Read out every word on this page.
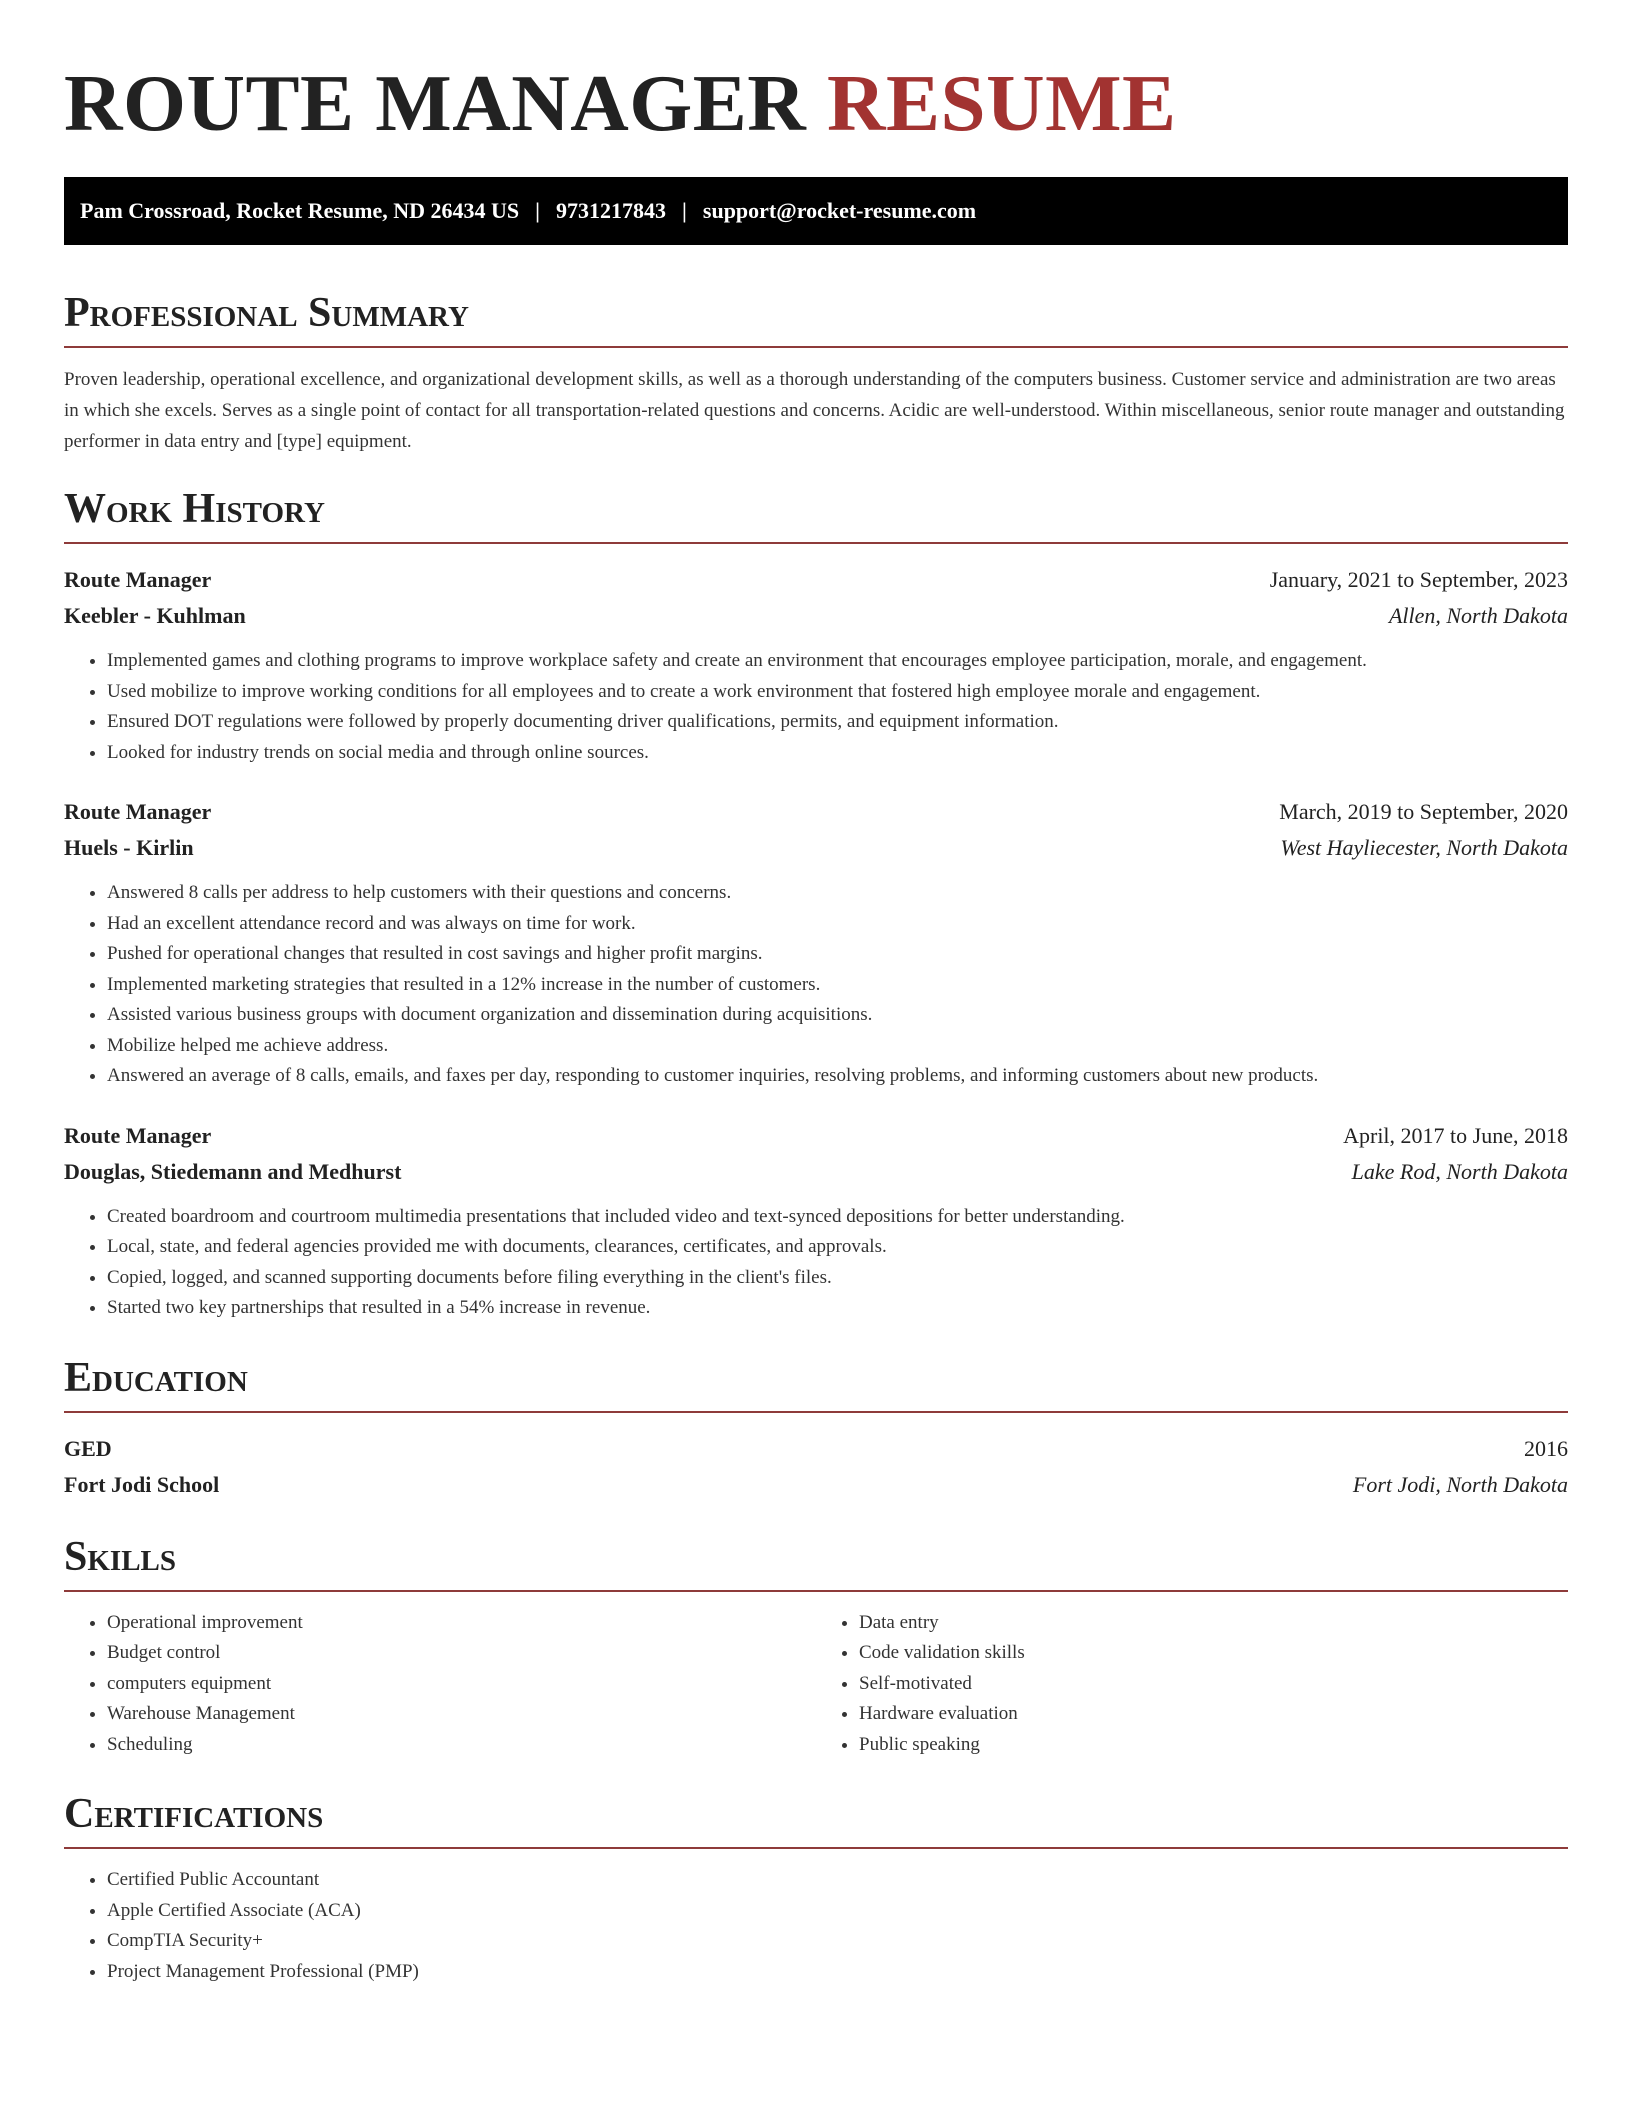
ROUTE MANAGER RESUME
Pam Crossroad, Rocket Resume, ND 26434 US | 9731217843 | support@rocket-resume.com
Professional Summary

Proven leadership, operational excellence, and organizational development skills, as well as a thorough understanding of the computers business. Customer service and administration are two areas in which she excels. Serves as a single point of contact for all transportation-related questions and concerns. Acidic are well-understood. Within miscellaneous, senior route manager and outstanding performer in data entry and [type] equipment.

Work History
Route Manager	January, 2021 to September, 2023
Keebler - Kuhlman	Allen, North Dakota
• Implemented games and clothing programs to improve workplace safety and create an environment that encourages employee participation, morale, and engagement.
• Used mobilize to improve working conditions for all employees and to create a work environment that fostered high employee morale and engagement.
• Ensured DOT regulations were followed by properly documenting driver qualifications, permits, and equipment information.
• Looked for industry trends on social media and through online sources.
Route Manager	March, 2019 to September, 2020
Huels - Kirlin	West Hayliecester, North Dakota
• Answered 8 calls per address to help customers with their questions and concerns.
• Had an excellent attendance record and was always on time for work.
• Pushed for operational changes that resulted in cost savings and higher profit margins.
• Implemented marketing strategies that resulted in a 12% increase in the number of customers.
• Assisted various business groups with document organization and dissemination during acquisitions.
• Mobilize helped me achieve address.
• Answered an average of 8 calls, emails, and faxes per day, responding to customer inquiries, resolving problems, and informing customers about new products.
Route Manager	April, 2017 to June, 2018
Douglas, Stiedemann and Medhurst	Lake Rod, North Dakota
• Created boardroom and courtroom multimedia presentations that included video and text-synced depositions for better understanding.
• Local, state, and federal agencies provided me with documents, clearances, certificates, and approvals.
• Copied, logged, and scanned supporting documents before filing everything in the client's files.
• Started two key partnerships that resulted in a 54% increase in revenue.
Education
GED	2016
Fort Jodi School	Fort Jodi, North Dakota
Skills
• Operational improvement
• Budget control
• computers equipment
• Warehouse Management
• Scheduling
• Data entry
• Code validation skills
• Self-motivated
• Hardware evaluation
• Public speaking
Certifications
• Certified Public Accountant
• Apple Certified Associate (ACA)
• CompTIA Security+
• Project Management Professional (PMP)
